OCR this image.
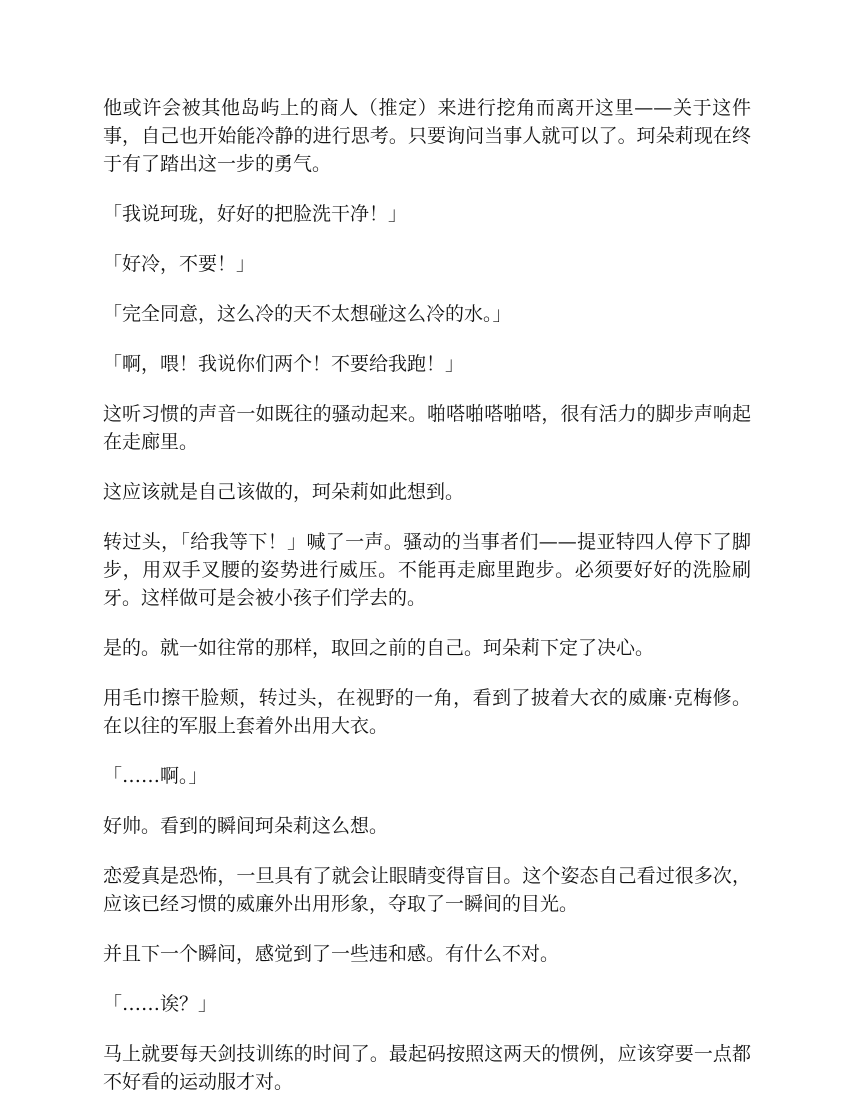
他或许会被其他岛屿上的商人（推定）来进行挖角而离开这里——关于这件事，自己也开始能冷静的进行思考。只要询问当事人就可以了。珂朵莉现在终于有了踏出这一步的勇气。

「我说珂珑，好好的把脸洗干净！」

「好冷，不要！」

「完全同意，这么冷的天不太想碰这么冷的水。」

「啊，喂！我说你们两个！不要给我跑！」

这听习惯的声音一如既往的骚动起来。啪嗒啪嗒啪嗒，很有活力的脚步声响起在走廊里。

这应该就是自己该做的，珂朵莉如此想到。

转过头，「给我等下！」喊了一声。骚动的当事者们——提亚特四人停下了脚步，用双手叉腰的姿势进行威压。不能再走廊里跑步。必须要好好的洗脸刷牙。这样做可是会被小孩子们学去的。

是的。就一如往常的那样，取回之前的自己。珂朵莉下定了决心。

用毛巾擦干脸颊，转过头，在视野的一角，看到了披着大衣的威廉·克梅修。在以往的军服上套着外出用大衣。

「……啊。」

好帅。看到的瞬间珂朵莉这么想。

恋爱真是恐怖，一旦具有了就会让眼睛变得盲目。这个姿态自己看过很多次，应该已经习惯的威廉外出用形象，夺取了一瞬间的目光。

并且下一个瞬间，感觉到了一些违和感。有什么不对。

「……诶？」

马上就要每天剑技训练的时间了。最起码按照这两天的惯例，应该穿要一点都不好看的运动服才对。
